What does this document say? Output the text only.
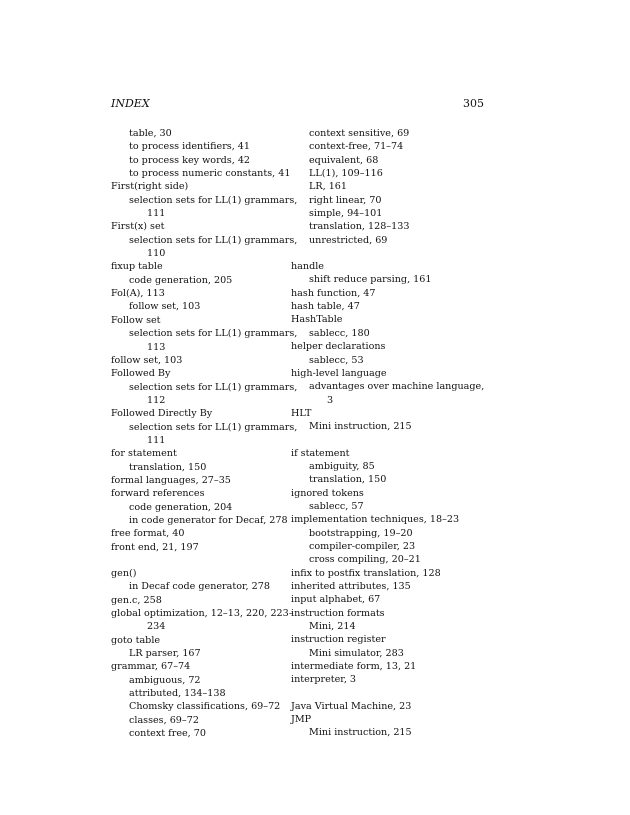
INDEX	305
table, 30
to process identifiers, 41
to process key words, 42
to process numeric constants, 41
First(right side)
selection sets for LL(1) grammars,
111
First(x) set
selection sets for LL(1) grammars,
110
fixup table
code generation, 205
Fol(A), 113
follow set, 103
Follow set
selection sets for LL(1) grammars,
113
follow set, 103
Followed By
selection sets for LL(1) grammars,
112
Followed Directly By
selection sets for LL(1) grammars,
111
for statement
translation, 150
formal languages, 27–35
forward references
code generation, 204
in code generator for Decaf, 278
free format, 40
front end, 21, 197
gen()
in Decaf code generator, 278
gen.c, 258
global optimization, 12–13, 220, 223–
234
goto table
LR parser, 167
grammar, 67–74
ambiguous, 72
attributed, 134–138
Chomsky classifications, 69–72
classes, 69–72
context free, 70
context sensitive, 69
context-free, 71–74
equivalent, 68
LL(1), 109–116
LR, 161
right linear, 70
simple, 94–101
translation, 128–133
unrestricted, 69
handle
shift reduce parsing, 161
hash function, 47
hash table, 47
HashTable
sablecc, 180
helper declarations
sablecc, 53
high-level language
advantages over machine language,
3
HLT
Mini instruction, 215
if statement
ambiguity, 85
translation, 150
ignored tokens
sablecc, 57
implementation techniques, 18–23
bootstrapping, 19–20
compiler-compiler, 23
cross compiling, 20–21
infix to postfix translation, 128
inherited attributes, 135
input alphabet, 67
instruction formats
Mini, 214
instruction register
Mini simulator, 283
intermediate form, 13, 21
interpreter, 3
Java Virtual Machine, 23
JMP
Mini instruction, 215
